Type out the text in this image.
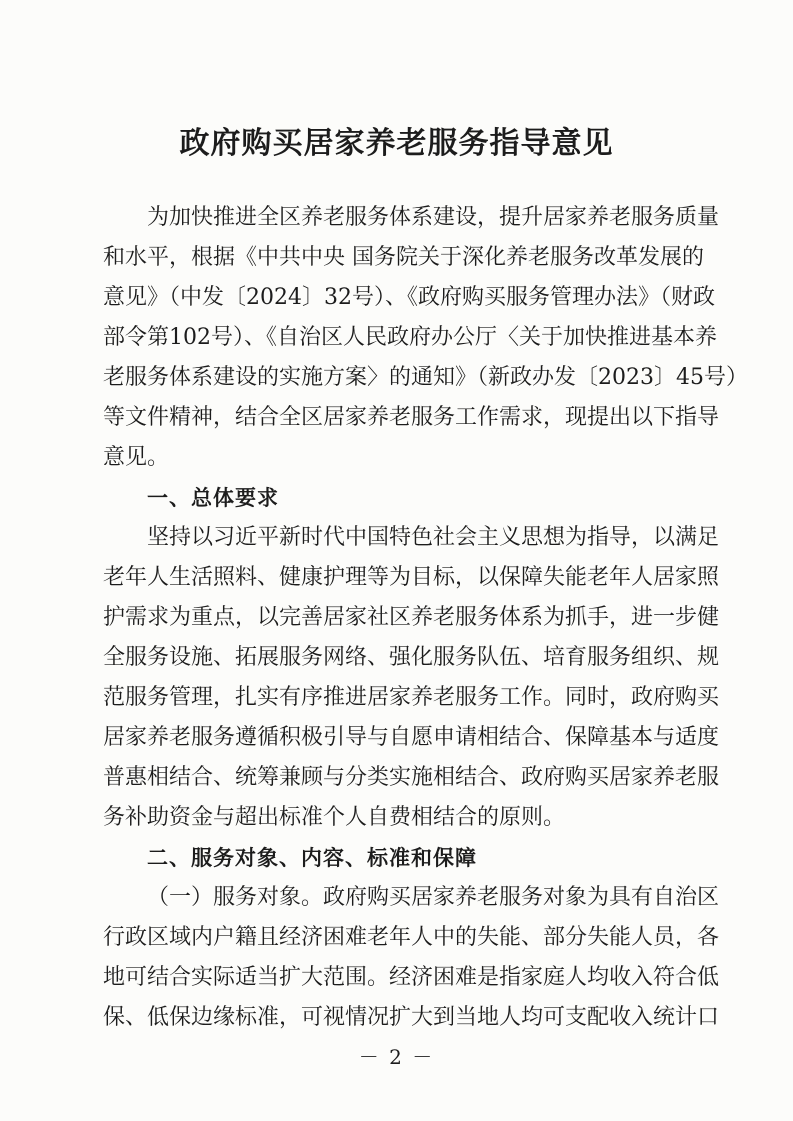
政府购买居家养老服务指导意见
为加快推进全区养老服务体系建设，提升居家养老服务质量
和水平，根据《中共中央 国务院关于深化养老服务改革发展的
意见》（中发〔2024〕32号）、《政府购买服务管理办法》（财政
部令第102号）、《自治区人民政府办公厅〈关于加快推进基本养
老服务体系建设的实施方案〉的通知》（新政办发〔2023〕45号）
等文件精神，结合全区居家养老服务工作需求，现提出以下指导
意见。
一、总体要求
坚持以习近平新时代中国特色社会主义思想为指导，以满足
老年人生活照料、健康护理等为目标，以保障失能老年人居家照
护需求为重点，以完善居家社区养老服务体系为抓手，进一步健
全服务设施、拓展服务网络、强化服务队伍、培育服务组织、规
范服务管理，扎实有序推进居家养老服务工作。同时，政府购买
居家养老服务遵循积极引导与自愿申请相结合、保障基本与适度
普惠相结合、统筹兼顾与分类实施相结合、政府购买居家养老服
务补助资金与超出标准个人自费相结合的原则。
二、服务对象、内容、标准和保障
（一）服务对象。政府购买居家养老服务对象为具有自治区
行政区域内户籍且经济困难老年人中的失能、部分失能人员，各
地可结合实际适当扩大范围。经济困难是指家庭人均收入符合低
保、低保边缘标准，可视情况扩大到当地人均可支配收入统计口
－ 2 －
